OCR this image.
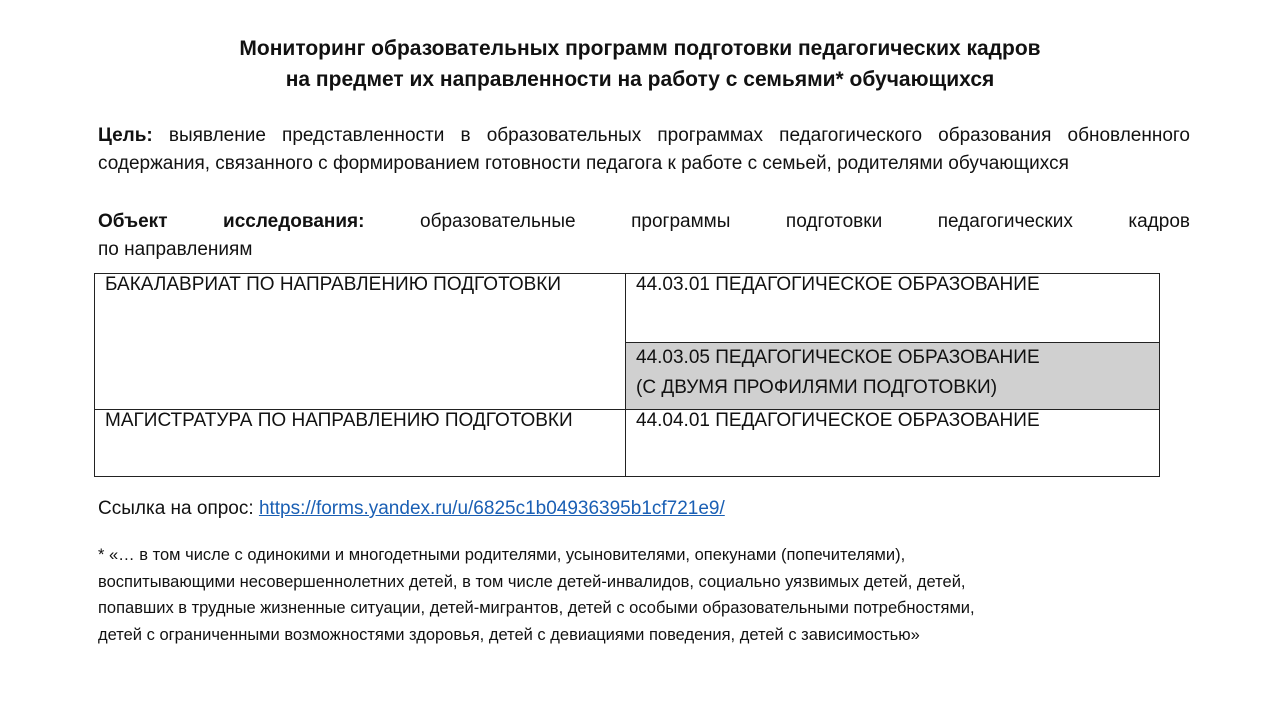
Мониторинг образовательных программ подготовки педагогических кадров
на предмет их направленности на работу с семьями* обучающихся
Цель: выявление представленности в образовательных программах педагогического образования обновленного содержания, связанного с формированием готовности педагога к работе с семьей, родителями обучающихся
Объект исследования: образовательные программы подготовки педагогических кадров
по направлениям
БАКАЛАВРИАТ ПО НАПРАВЛЕНИЮ ПОДГОТОВКИ	44.03.01 ПЕДАГОГИЧЕСКОЕ ОБРАЗОВАНИЕ

	44.03.05 ПЕДАГОГИЧЕСКОЕ ОБРАЗОВАНИЕ
(С ДВУМЯ ПРОФИЛЯМИ ПОДГОТОВКИ)

МАГИСТРАТУРА ПО НАПРАВЛЕНИЮ ПОДГОТОВКИ	44.04.01 ПЕДАГОГИЧЕСКОЕ ОБРАЗОВАНИЕ
Ссылка на опрос: https://forms.yandex.ru/u/6825c1b04936395b1cf721e9/
* «… в том числе с одинокими и многодетными родителями, усыновителями, опекунами (попечителями),
воспитывающими несовершеннолетних детей, в том числе детей-инвалидов, социально уязвимых детей, детей,
попавших в трудные жизненные ситуации, детей-мигрантов, детей с особыми образовательными потребностями,
детей с ограниченными возможностями здоровья, детей с девиациями поведения, детей с зависимостью»
